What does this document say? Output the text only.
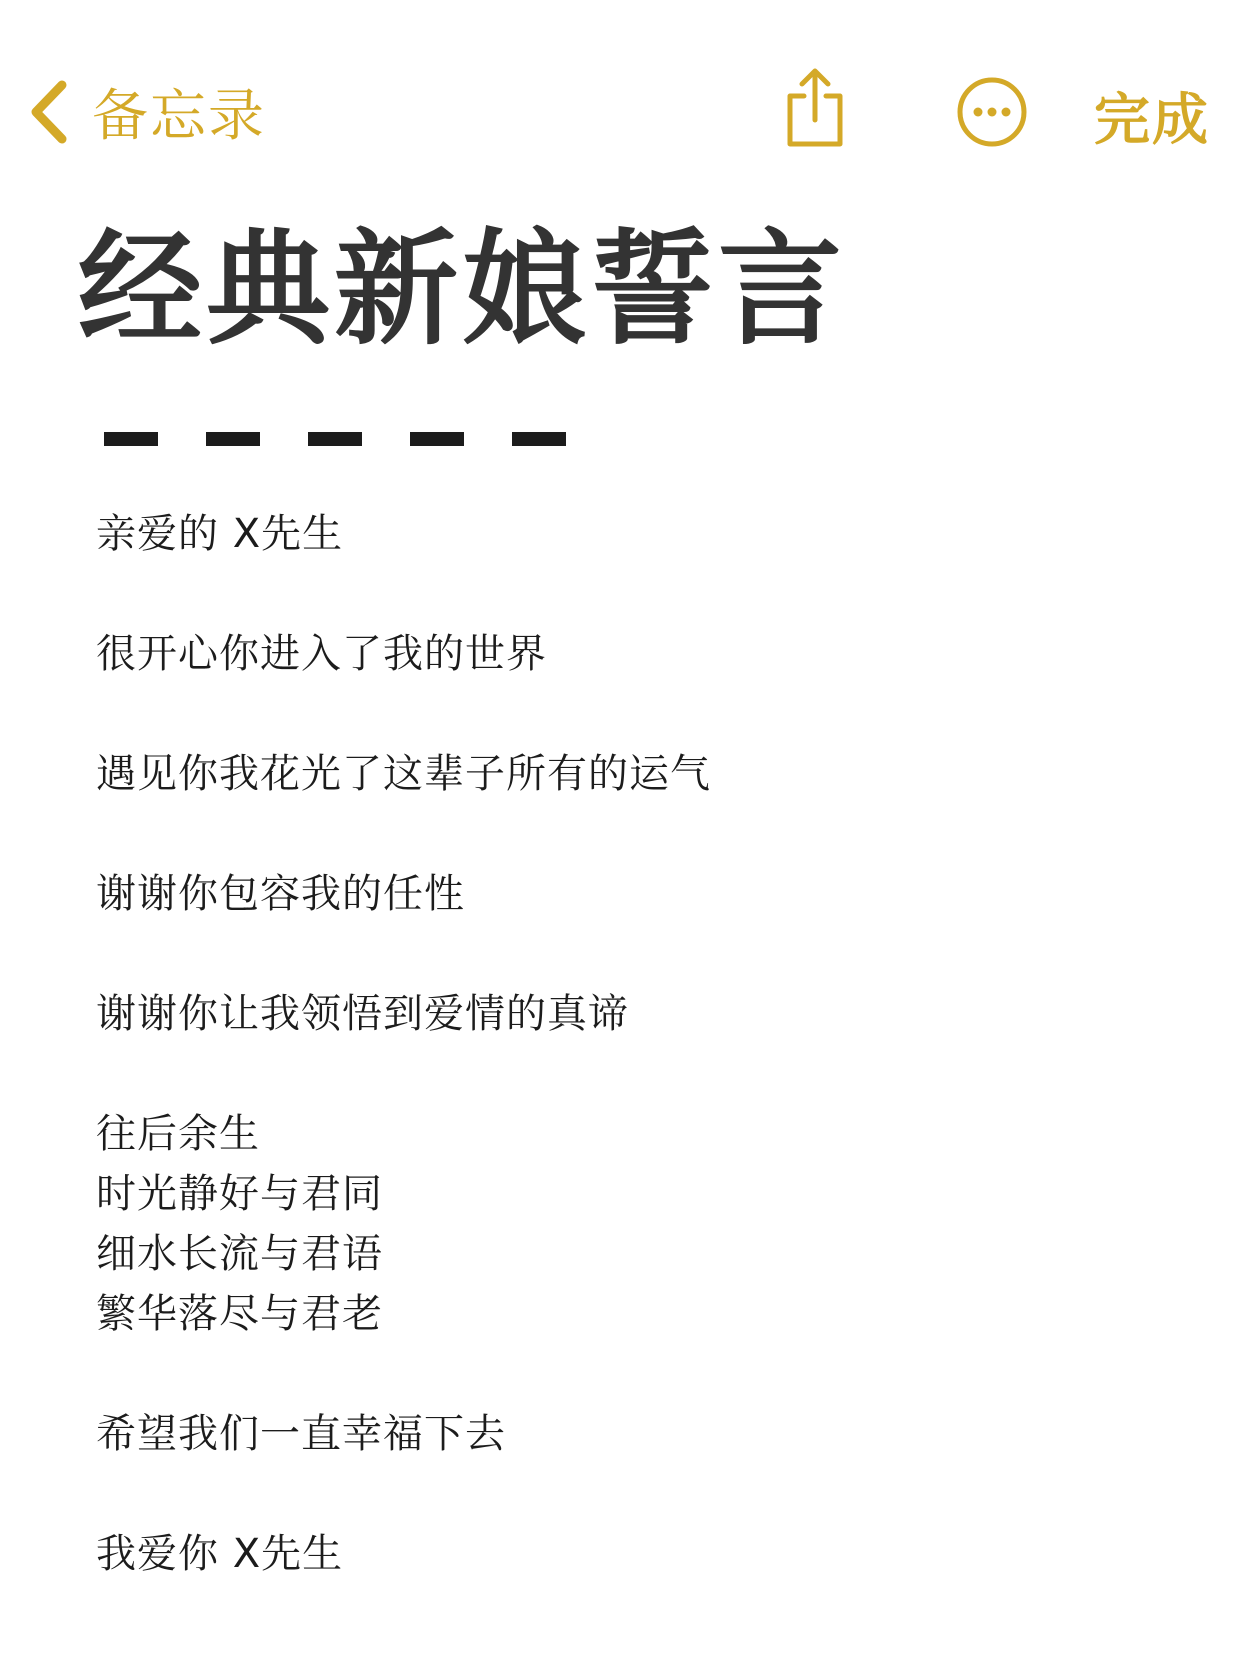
备忘录	完成
经典新娘誓言
亲爱的 X先生
很开心你进入了我的世界
遇见你我花光了这辈子所有的运气
谢谢你包容我的任性
谢谢你让我领悟到爱情的真谛
往后余生
时光静好与君同
细水长流与君语
繁华落尽与君老
希望我们一直幸福下去
我爱你 X先生
